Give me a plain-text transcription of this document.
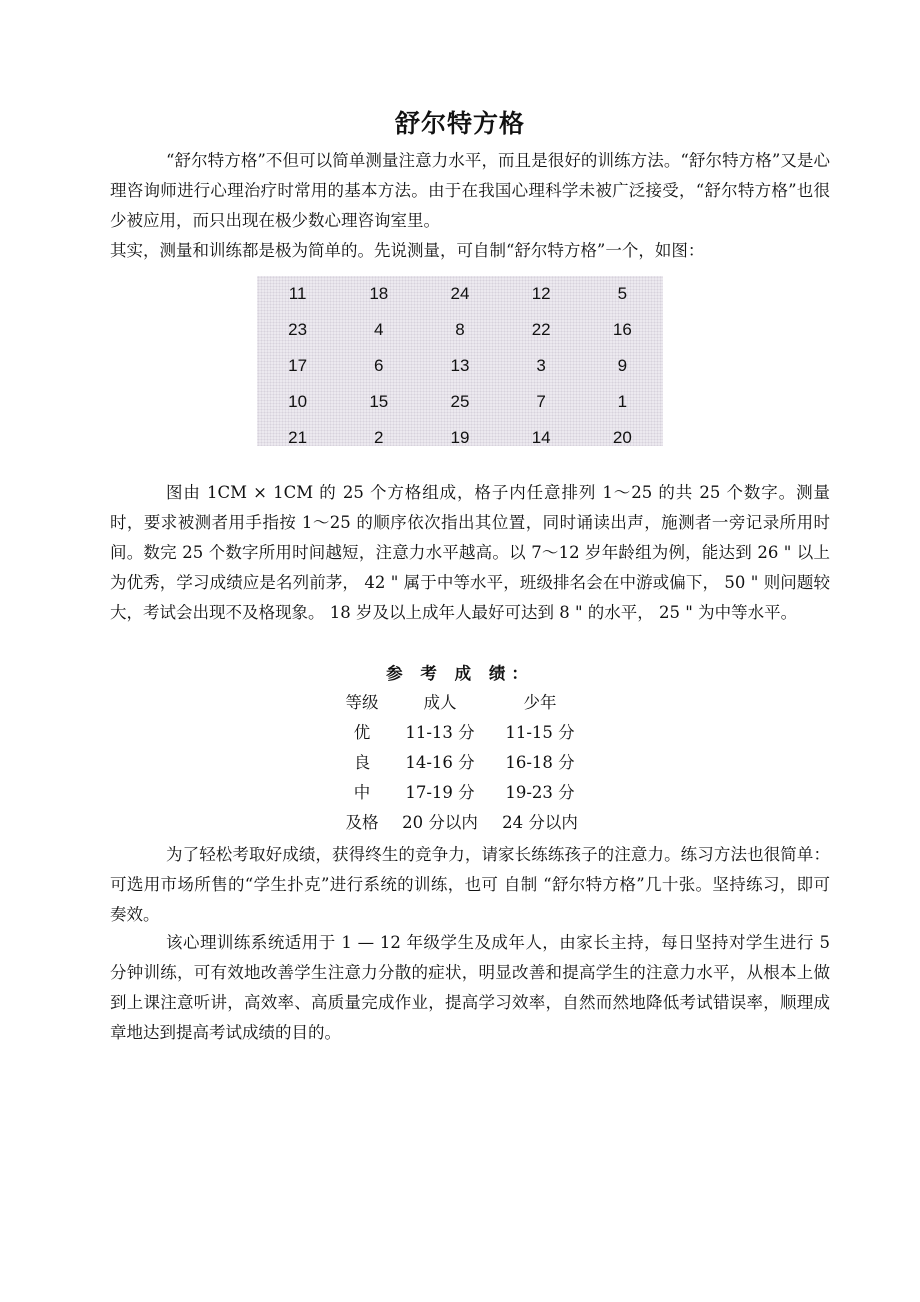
舒尔特方格

“舒尔特方格”不但可以简单测量注意力水平，而且是很好的训练方法。“舒尔特方格”又是心理咨询师进行心理治疗时常用的基本方法。由于在我国心理科学未被广泛接受，“舒尔特方格”也很少被应用，而只出现在极少数心理咨询室里。

其实，测量和训练都是极为简单的。先说测量，可自制“舒尔特方格”一个，如图：

11	18	24	12	5
23	4	8	22	16
17	6	13	3	9
10	15	25	7	1
21	2	19	14	20

图由 1CM × 1CM 的 25 个方格组成，格子内任意排列 1～25 的共 25 个数字。测量时，要求被测者用手指按 1～25 的顺序依次指出其位置，同时诵读出声，施测者一旁记录所用时间。数完 25 个数字所用时间越短，注意力水平越高。以 7～12 岁年龄组为例，能达到 26 " 以上为优秀，学习成绩应是名列前茅， 42 " 属于中等水平，班级排名会在中游或偏下， 50 " 则问题较大，考试会出现不及格现象。 18 岁及以上成年人最好可达到 8 " 的水平， 25 " 为中等水平。

参 考 成 绩：
等级	成人	少年
优	11-13 分	11-15 分
良	14-16 分	16-18 分
中	17-19 分	19-23 分
及格	20 分以内	24 分以内

为了轻松考取好成绩，获得终生的竞争力，请家长练练孩子的注意力。练习方法也很简单： 可选用市场所售的“学生扑克”进行系统的训练，也可 自制 “舒尔特方格”几十张。坚持练习，即可奏效。

该心理训练系统适用于 1 — 12 年级学生及成年人，由家长主持，每日坚持对学生进行 5 分钟训练，可有效地改善学生注意力分散的症状，明显改善和提高学生的注意力水平，从根本上做到上课注意听讲，高效率、高质量完成作业，提高学习效率，自然而然地降低考试错误率，顺理成章地达到提高考试成绩的目的。
